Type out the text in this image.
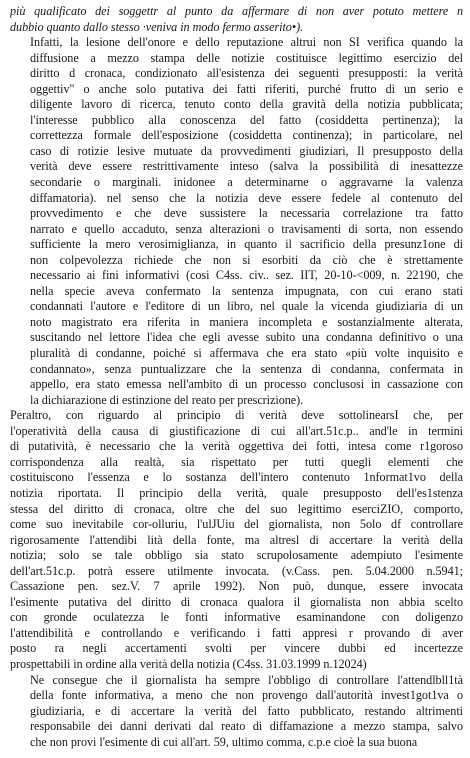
più qualificato dei soggettr al punto da affermare di non aver potuto mettere n
dubbio quanto dallo stesso ·veniva in modo fermo asserito•).

Infatti, la lesione dell'onore e dello reputazione altrui non SI verifica quando la
diffusione a mezzo stampa delle notizie costituisce legittimo esercizio del
diritto d cronaca, condizionato all'esistenza dei seguenti presupposti: la verità
oggettiv" o anche solo putativa dei fatti riferiti, purché frutto di un serio e
diligente lavoro di ricerca, tenuto conto della gravità della notizia pubblicata;
l'interesse pubblico alla conoscenza del fatto (cosiddetta pertinenza); la
correttezza formale dell'esposizione (cosiddetta continenza); in particolare, nel
caso di rotizie lesive mutuate da provvedimenti giudiziari, Il presupposto della
verità deve essere restrittivamente inteso (salva la possibilità di inesattezze
secondarie o marginali. inidonee a determinarne o aggravarne la valenza
diffamatoria). nel senso che la notizia deve essere fedele al contenuto del
provvedimento e che deve sussistere la necessaria correlazione tra fatto
narrato e quello accaduto, senza alterazioni o travisamenti di sorta, non essendo
sufficiente la mero verosimiglianza, in quanto il sacrificio della presunz1one di
non colpevolezza richiede che non si esorbiti da ciò che è strettamente
necessario ai fini informativi (cosi C4ss. civ.. sez. IIT, 20-10-<009, n. 22190, che
nella specie aveva confermato la sentenza impugnata, con cui erano stati
condannati l'autore e l'editore di un libro, nel quale la vicenda giudiziaria di un
noto magistrato era riferita in maniera incompleta e sostanzialmente alterata,
suscitando nel lettore l'idea che egli avesse subito una condanna definitivo o una
pluralità di condanne, poiché si affermava che era stato «più volte inquisito e
condannato», senza puntualizzare che la sentenza di condanna, confermata in
appello, era stato emessa nell'ambito di un processo conclusosi in cassazione con
la dichiarazione di estinzione del reato per prescrizione).

Peraltro, con riguardo al principio di verità deve sottolinearsI che, per
l'operatività della causa di giustificazione di cui all'art.51c.p.. and'le in termini
di putatività, è necessario che la verità oggettiva dei fotti, intesa come r1goroso
corrispondenza alla realtà, sia rispettato per tutti quegli elementi che
costituiscono l'essenza e lo sostanza dell'intero contenuto 1nformat1vo della
notizia riportata. Il principio della verità, quale presupposto dell'es1stenza
stessa del diritto di cronaca, oltre che del suo legittimo eserciZIO, comporto,
come suo inevitabile cor-olluriu, l'ulJUiu del giornalista, non 5olo df controllare
rigorosamente l'attendibi lità della fonte, ma altresl di accertare la verità della
notizia; solo se tale obbligo sia stato scrupolosamente adempiuto l'esimente
dell'art.51c.p. potrà essere utilmente invocata. (v.Cass. pen. 5.04.2000 n.5941;
Cassazione pen. sez.V. 7 aprile 1992). Non può, dunque, essere invocata
l'esimente putativa del diritto di cronaca qualora il giornalista non abbia scelto
con gronde oculatezza le fonti informative esaminandone con doligenzo
l'attendibilità e controllando e verificando i fatti appresi r provando di aver
posto ra negli accertamenti svolti per vincere dubbi ed incertezze
prospettabili in ordine alla verità della notizia (C4ss. 31.03.1999 n.12024)

Ne consegue che il giornalista ha sempre l'obbligo di controllare l'attendlbll1tà
della fonte informativa, a meno che non provengo dall'autorità invest1got1va o
giudiziaria, e di accertare la verità del fatto pubblicato, restando altrimenti
responsabile dei danni derivati dal reato di diffamazione a mezzo stampa, salvo
che non provi l'esimente di cui all'art. 59, ultimo comma, c.p.e cioè la sua buona
